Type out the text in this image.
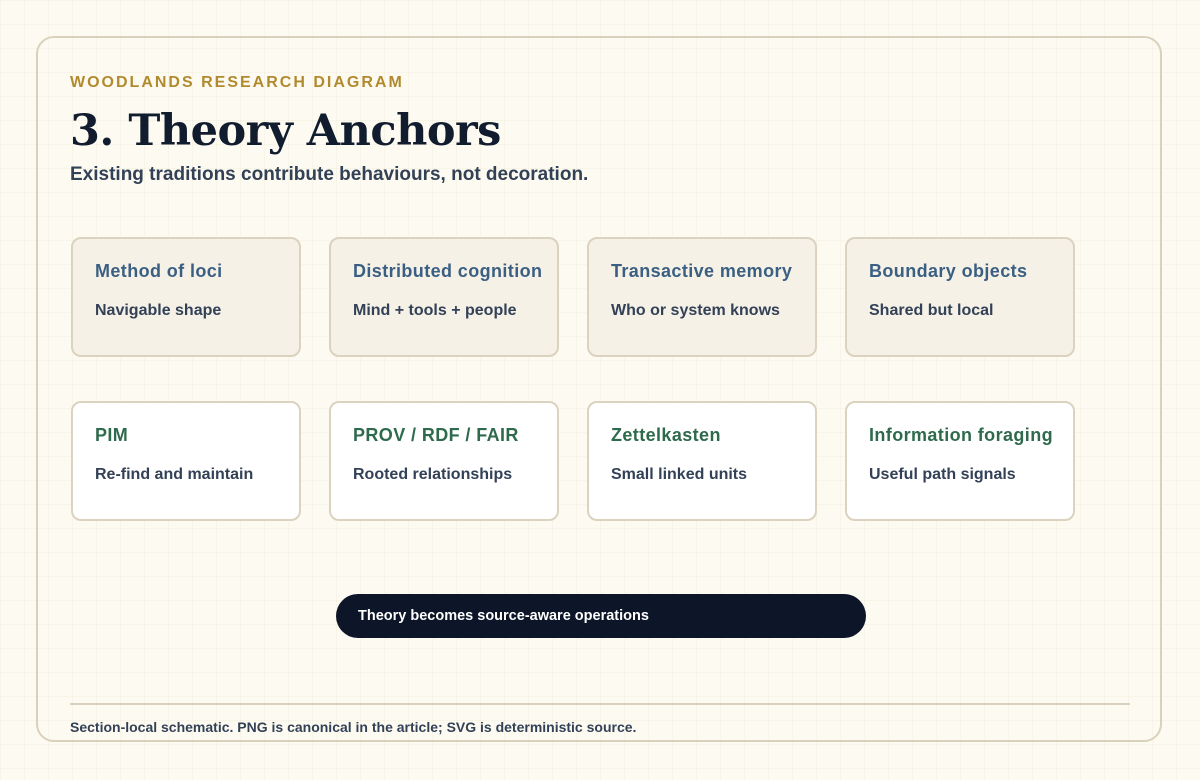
WOODLANDS RESEARCH DIAGRAM

3. Theory Anchors

Existing traditions contribute behaviours, not decoration.

Method of loci

Navigable shape

Distributed cognition

Mind + tools + people

Transactive memory

Who or system knows

Boundary objects

Shared but local

PIM

Re-find and maintain

PROV / RDF / FAIR

Rooted relationships

Zettelkasten

Small linked units

Information foraging

Useful path signals

Theory becomes source-aware operations

Section-local schematic. PNG is canonical in the article; SVG is deterministic source.
